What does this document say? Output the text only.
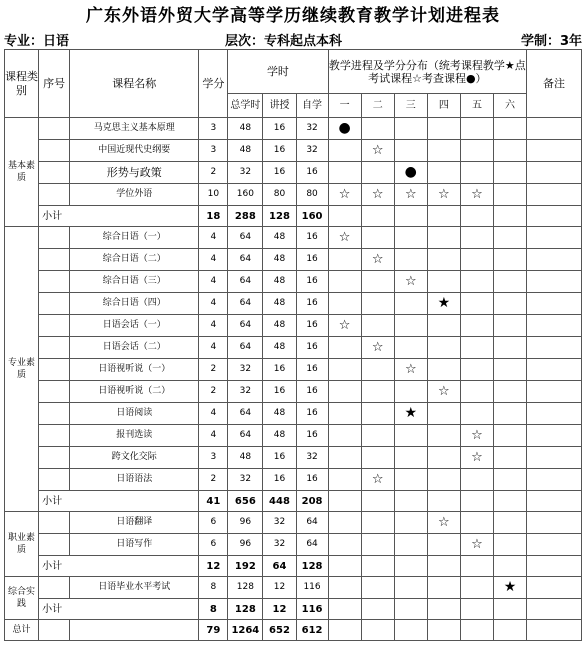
广东外语外贸大学高等学历继续教育教学计划进程表
专业：日语	层次：专科起点本科	学制：3年
课程类别	序号	课程名称	学分	学时			教学进程及学分分布（统考课程教学★点考试课程☆考查课程●）						备注
				总学时	讲授	自学	一	二	三	四	五	六	
基本素质		马克思主义基本原理	3	48	16	32	●						
		中国近现代史纲要	3	48	16	32		☆					
		形势与政策	2	32	16	16			●				
		学位外语	10	160	80	80	☆	☆	☆	☆	☆		
	小计		18	288	128	160							
专业素质		综合日语（一）	4	64	48	16	☆						
		综合日语（二）	4	64	48	16		☆					
		综合日语（三）	4	64	48	16			☆				
		综合日语（四）	4	64	48	16				★			
		日语会话（一）	4	64	48	16	☆						
		日语会话（二）	4	64	48	16		☆					
		日语视听说（一）	2	32	16	16			☆				
		日语视听说（二）	2	32	16	16				☆			
		日语阅读	4	64	48	16			★				
		报刊选读	4	64	48	16					☆		
		跨文化交际	3	48	16	32					☆		
		日语语法	2	32	16	16		☆					
	小计		41	656	448	208							
职业素质		日语翻译	6	96	32	64				☆			
		日语写作	6	96	32	64					☆		
	小计		12	192	64	128							
综合实践		日语毕业水平考试	8	128	12	116						★	
	小计		8	128	12	116							
总计			79	1264	652	612							
